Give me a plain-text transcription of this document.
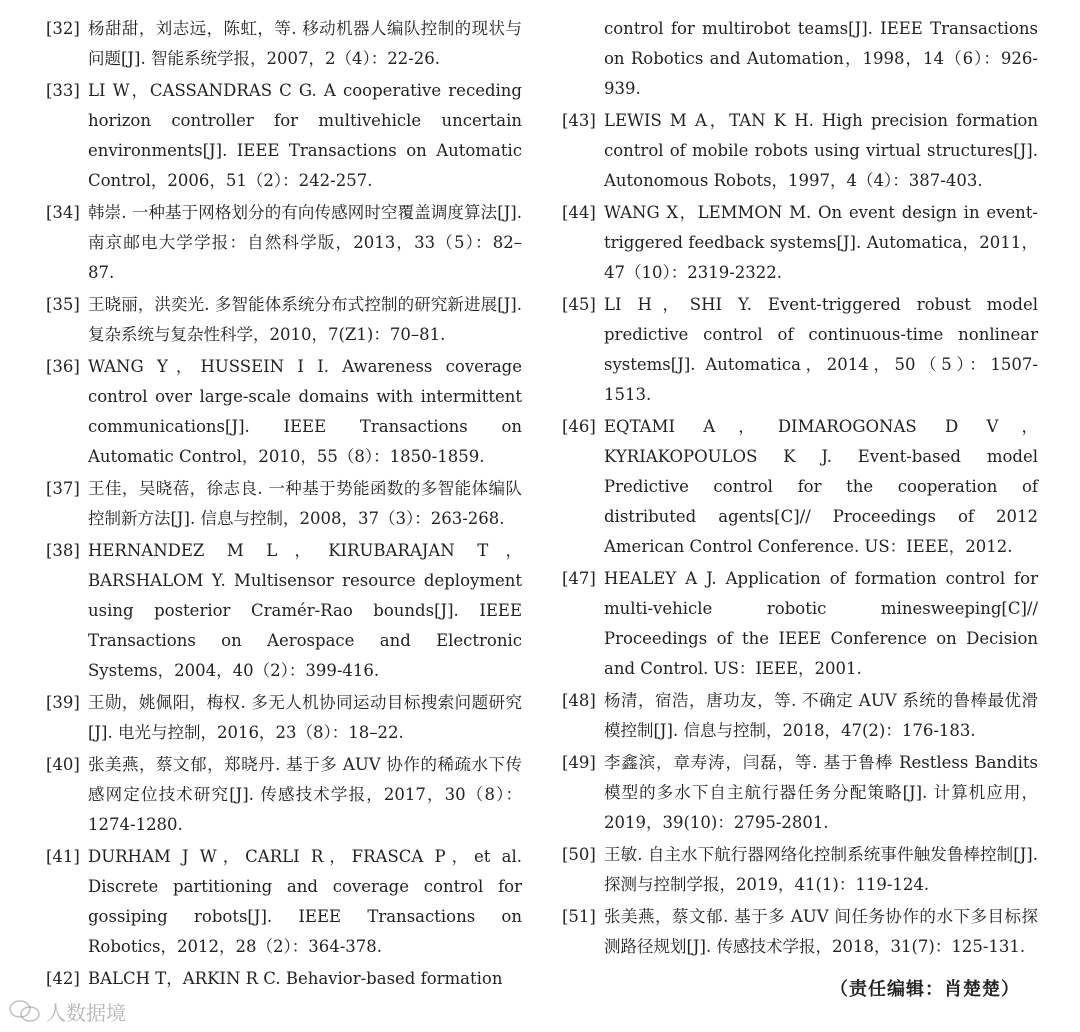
[32] 杨甜甜，刘志远，陈虹，等. 移动机器人编队控制的现状与问题[J]. 智能系统学报，2007，2（4）：22-26.
[33] LI W，CASSANDRAS C G. A cooperative receding horizon controller for multivehicle uncertain environments[J]. IEEE Transactions on Automatic Control，2006，51（2）：242-257.
[34] 韩崇. 一种基于网格划分的有向传感网时空覆盖调度算法[J]. 南京邮电大学学报：自然科学版，2013，33（5）：82–87.
[35] 王晓丽，洪奕光. 多智能体系统分布式控制的研究新进展[J]. 复杂系统与复杂性科学，2010，7(Z1)：70–81.
[36] WANG Y，HUSSEIN I I. Awareness coverage control over large-scale domains with intermittent communications[J]. IEEE Transactions on Automatic Control，2010，55（8）：1850-1859.
[37] 王佳，吴晓蓓，徐志良. 一种基于势能函数的多智能体编队控制新方法[J]. 信息与控制，2008，37（3）：263-268.
[38] HERNANDEZ M L，KIRUBARAJAN T，BARSHALOM Y. Multisensor resource deployment using posterior Cramér-Rao bounds[J]. IEEE Transactions on Aerospace and Electronic Systems，2004，40（2）：399-416.
[39] 王勋，姚佩阳，梅权. 多无人机协同运动目标搜索问题研究[J]. 电光与控制，2016，23（8）：18–22.
[40] 张美燕，蔡文郁，郑晓丹. 基于多 AUV 协作的稀疏水下传感网定位技术研究[J]. 传感技术学报，2017，30（8）：1274-1280.
[41] DURHAM J W，CARLI R，FRASCA P，et al. Discrete partitioning and coverage control for gossiping robots[J]. IEEE Transactions on Robotics，2012，28（2）：364-378.
[42] BALCH T，ARKIN R C. Behavior-based formation
control for multirobot teams[J]. IEEE Transactions on Robotics and Automation，1998，14（6）：926-939.
[43] LEWIS M A，TAN K H. High precision formation control of mobile robots using virtual structures[J]. Autonomous Robots，1997，4（4）：387-403.
[44] WANG X，LEMMON M. On event design in event-triggered feedback systems[J]. Automatica，2011，47（10）：2319-2322.
[45] LI H，SHI Y. Event-triggered robust model predictive control of continuous-time nonlinear systems[J]. Automatica，2014，50（5）：1507-1513.
[46] EQTAMI A，DIMAROGONAS D V，KYRIAKOPOULOS K J. Event-based model Predictive control for the cooperation of distributed agents[C]// Proceedings of 2012 American Control Conference. US：IEEE，2012.
[47] HEALEY A J. Application of formation control for multi-vehicle robotic minesweeping[C]// Proceedings of the IEEE Conference on Decision and Control. US：IEEE，2001.
[48] 杨清，宿浩，唐功友，等. 不确定 AUV 系统的鲁棒最优滑模控制[J]. 信息与控制，2018，47(2)：176-183.
[49] 李鑫滨，章寿涛，闫磊，等. 基于鲁棒 Restless Bandits 模型的多水下自主航行器任务分配策略[J]. 计算机应用，2019，39(10)：2795-2801.
[50] 王敏. 自主水下航行器网络化控制系统事件触发鲁棒控制[J]. 探测与控制学报，2019，41(1)：119-124.
[51] 张美燕，蔡文郁. 基于多 AUV 间任务协作的水下多目标探测路径规划[J]. 传感技术学报，2018，31(7)：125-131.
（责任编辑：肖楚楚）
人数据境
